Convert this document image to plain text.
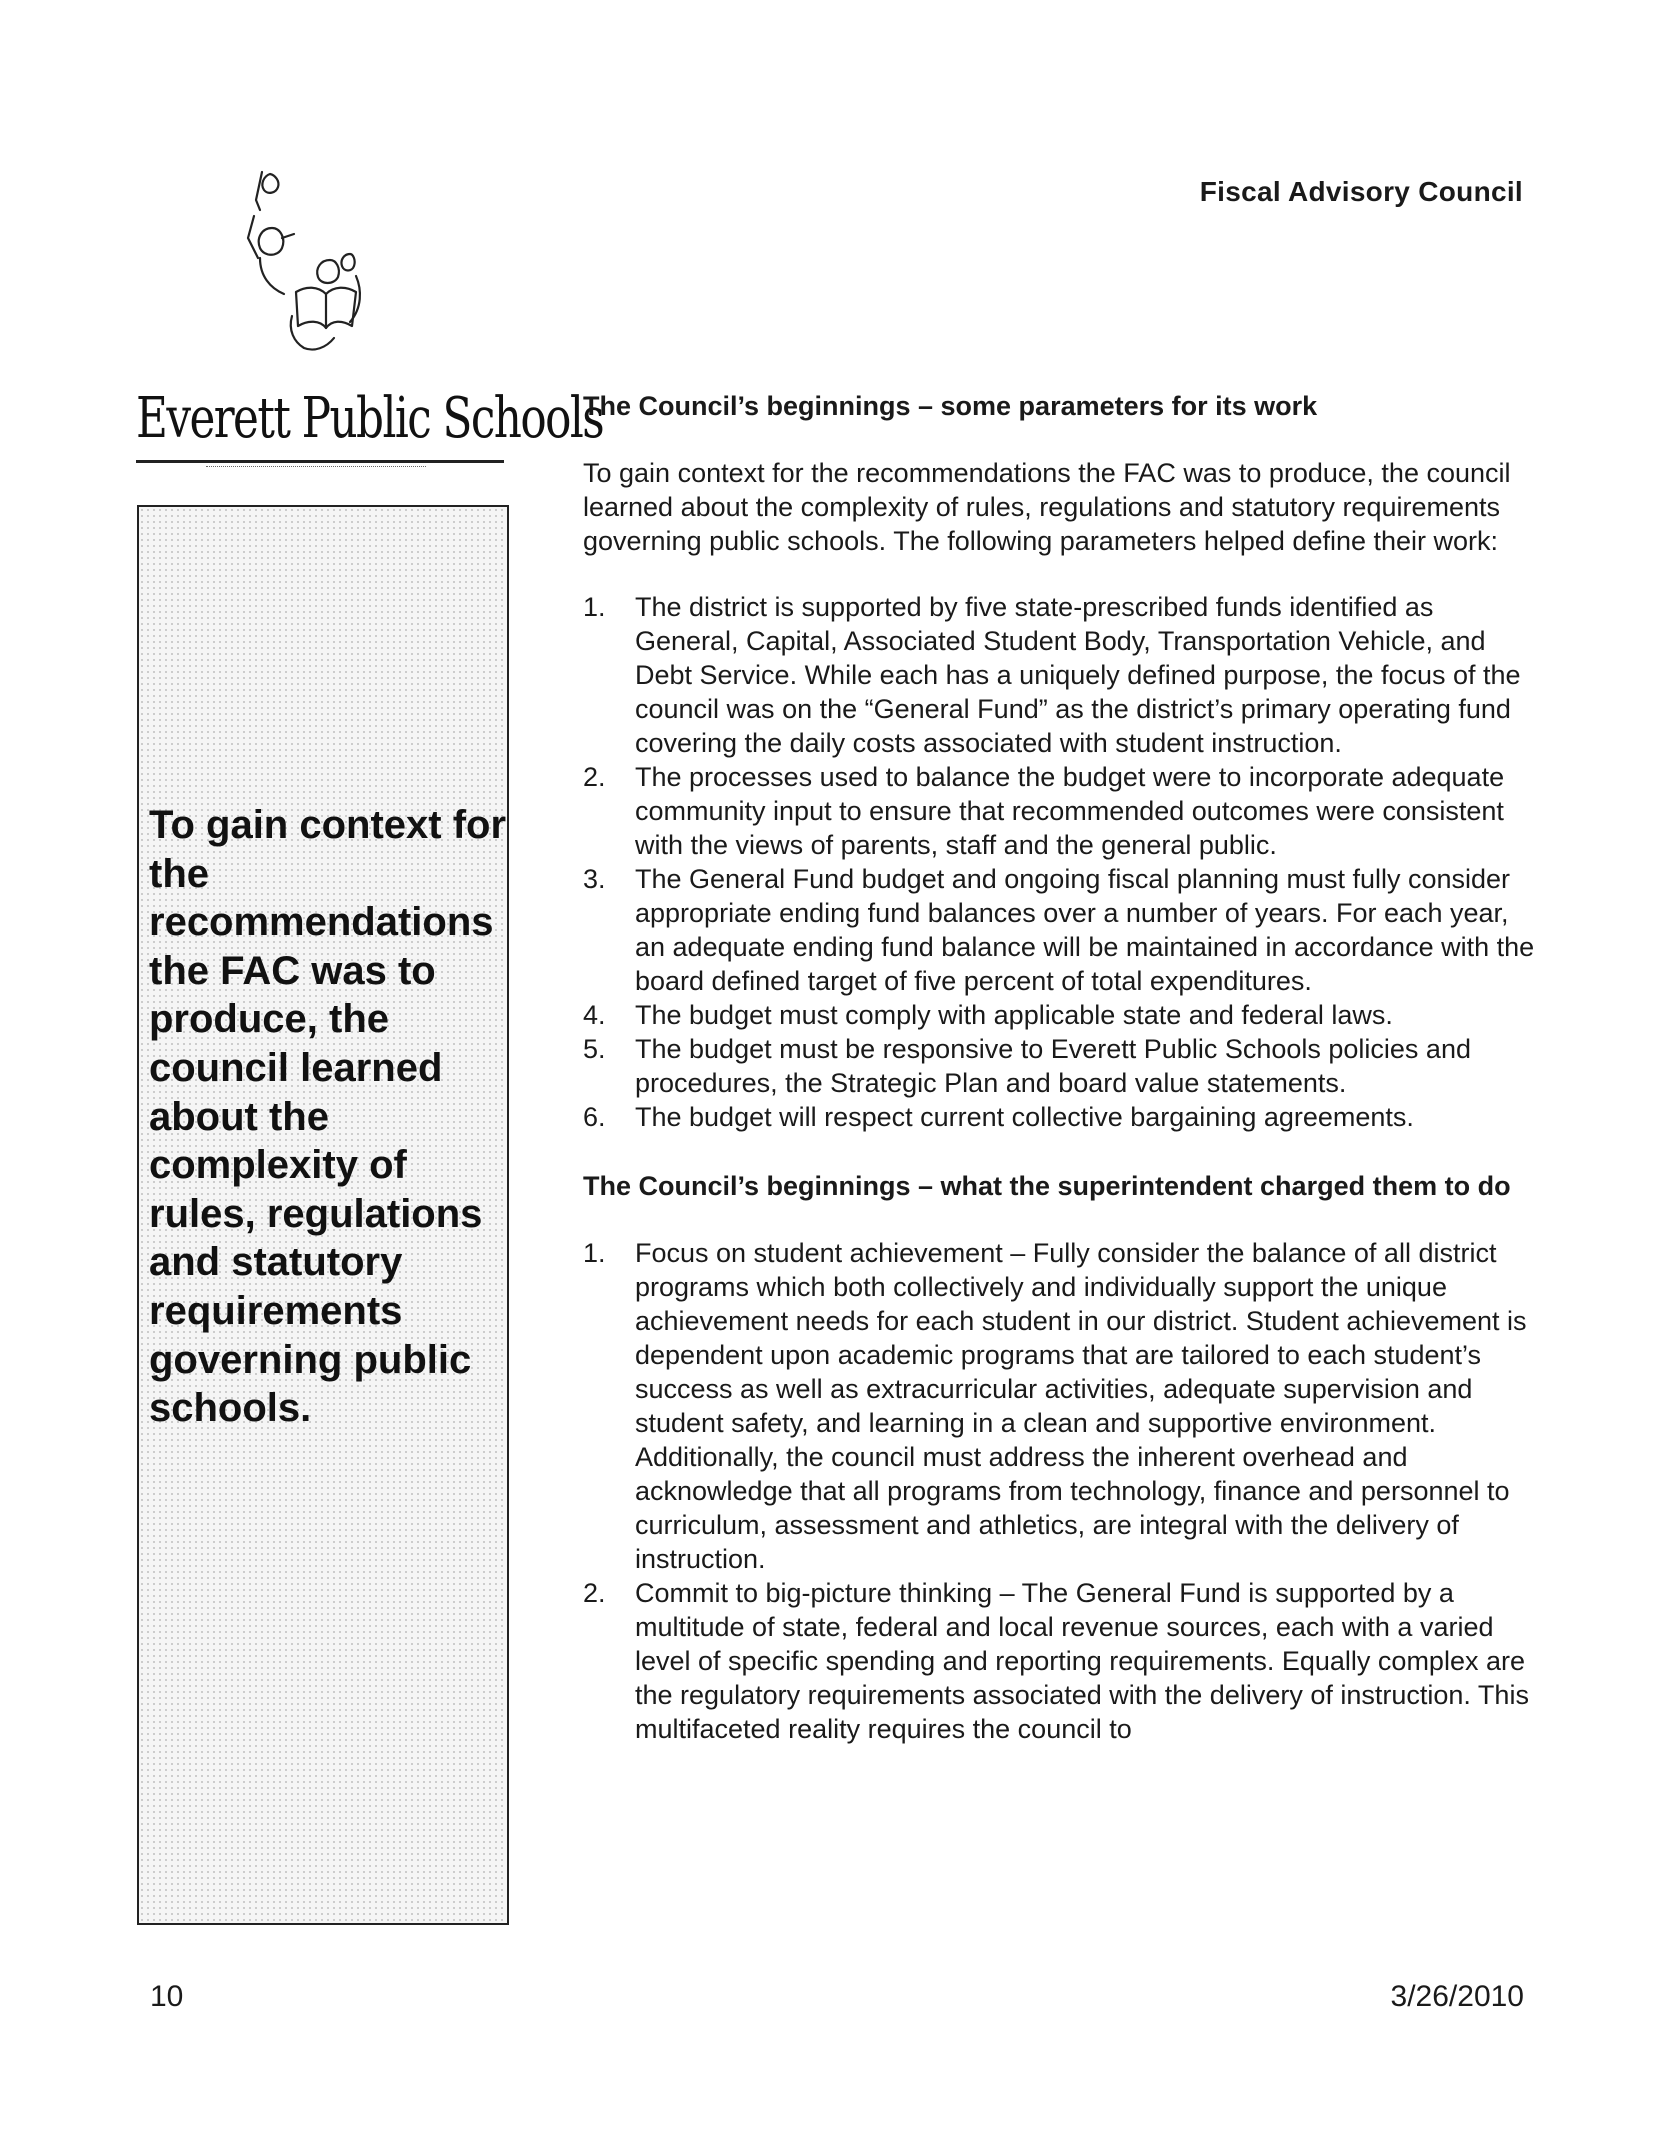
Fiscal Advisory Council
Everett Public Schools
To gain context for the recommendations the FAC was to produce, the council learned about the complexity of rules, regulations and statutory requirements governing public schools.
The Council’s beginnings – some parameters for its work

To gain context for the recommendations the FAC was to produce, the council learned about the complexity of rules, regulations and statutory requirements governing public schools. The following parameters helped define their work:

1.	The district is supported by five state-prescribed funds identified as General, Capital, Associated Student Body, Transportation Vehicle, and Debt Service. While each has a uniquely defined purpose, the focus of the council was on the “General Fund” as the district’s primary operating fund covering the daily costs associated with student instruction.
2.	The processes used to balance the budget were to incorporate adequate community input to ensure that recommended outcomes were consistent with the views of parents, staff and the general public.
3.	The General Fund budget and ongoing fiscal planning must fully consider appropriate ending fund balances over a number of years. For each year, an adequate ending fund balance will be maintained in accordance with the board defined target of five percent of total expenditures.
4.	The budget must comply with applicable state and federal laws.
5.	The budget must be responsive to Everett Public Schools policies and procedures, the Strategic Plan and board value statements.
6.	The budget will respect current collective bargaining agreements.
The Council’s beginnings – what the superintendent charged them to do
1.	Focus on student achievement – Fully consider the balance of all district programs which both collectively and individually support the unique achievement needs for each student in our district. Student achievement is dependent upon academic programs that are tailored to each student’s success as well as extracurricular activities, adequate supervision and student safety, and learning in a clean and supportive environment. Additionally, the council must address the inherent overhead and acknowledge that all programs from technology, finance and personnel to curriculum, assessment and athletics, are integral with the delivery of instruction.
2.	Commit to big-picture thinking – The General Fund is supported by a multitude of state, federal and local revenue sources, each with a varied level of specific spending and reporting requirements. Equally complex are the regulatory requirements associated with the delivery of instruction. This multifaceted reality requires the council to
10	3/26/2010
